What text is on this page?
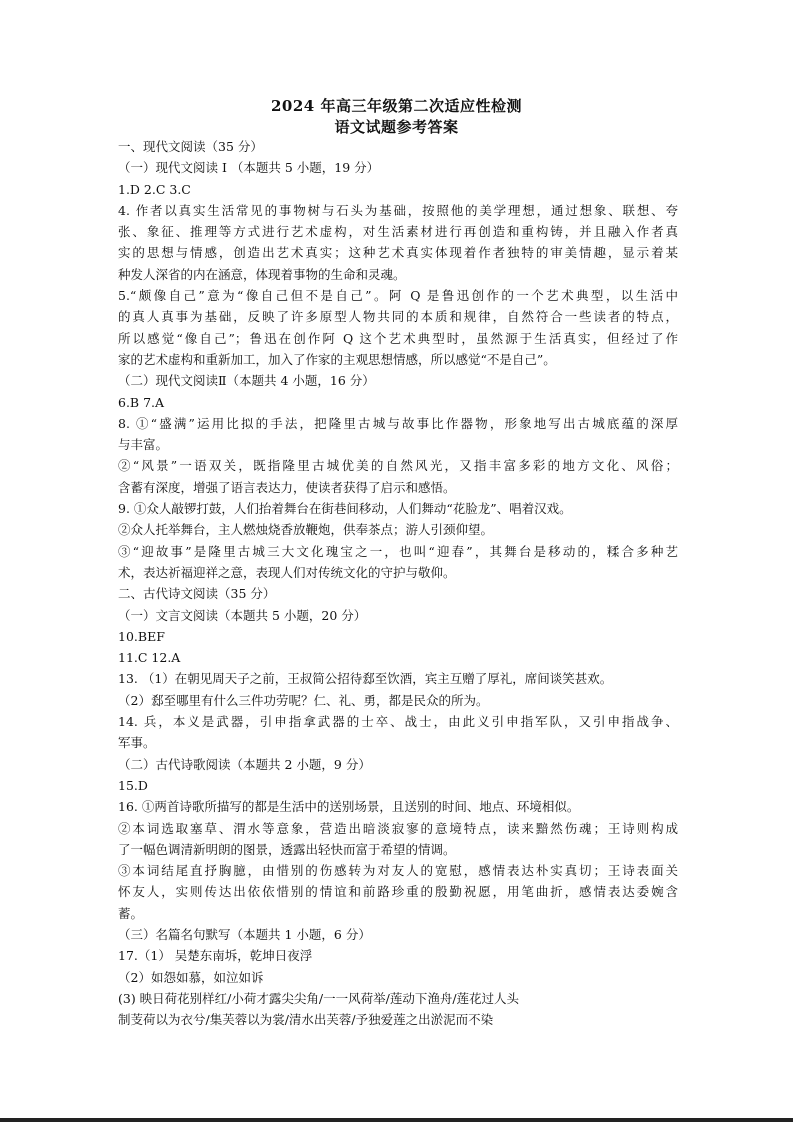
2024 年高三年级第二次适应性检测
语文试题参考答案
一、现代文阅读（35 分）
（一）现代文阅读 I （本题共 5 小题，19 分）
1.D 2.C 3.C
4. 作者以真实生活常见的事物树与石头为基础，按照他的美学理想，通过想象、联想、夸
张、象征、推理等方式进行艺术虚构，对生活素材进行再创造和重构铸，并且融入作者真
实的思想与情感，创造出艺术真实；这种艺术真实体现着作者独特的审美情趣，显示着某
种发人深省的内在涵意，体现着事物的生命和灵魂。
5.“颇像自己”意为“像自己但不是自己”。阿 Q 是鲁迅创作的一个艺术典型，以生活中
的真人真事为基础，反映了许多原型人物共同的本质和规律，自然符合一些读者的特点，
所以感觉“像自己”；鲁迅在创作阿 Q 这个艺术典型时，虽然源于生活真实，但经过了作
家的艺术虚构和重新加工，加入了作家的主观思想情感，所以感觉“不是自己”。
（二）现代文阅读Ⅱ（本题共 4 小题，16 分）
6.B 7.A
8. ①“盛满”运用比拟的手法，把隆里古城与故事比作器物，形象地写出古城底蕴的深厚
与丰富。
②“风景”一语双关，既指隆里古城优美的自然风光，又指丰富多彩的地方文化、风俗；
含蓄有深度，增强了语言表达力，使读者获得了启示和感悟。
9. ①众人敲锣打鼓，人们抬着舞台在街巷间移动，人们舞动“花脸龙”、唱着汉戏。
②众人托举舞台，主人燃烛烧香放鞭炮，供奉茶点；游人引颈仰望。
③“迎故事”是隆里古城三大文化瑰宝之一，也叫“迎春”，其舞台是移动的，糅合多种艺
术，表达祈福迎祥之意，表现人们对传统文化的守护与敬仰。
二、古代诗文阅读（35 分）
（一）文言文阅读（本题共 5 小题，20 分）
10.BEF
11.C 12.A
13. （1）在朝见周天子之前，王叔简公招待郄至饮酒，宾主互赠了厚礼，席间谈笑甚欢。
（2）郄至哪里有什么三件功劳呢？仁、礼、勇，都是民众的所为。
14. 兵，本义是武器，引申指拿武器的士卒、战士，由此义引申指军队，又引申指战争、
军事。
（二）古代诗歌阅读（本题共 2 小题，9 分）
15.D
16. ①两首诗歌所描写的都是生活中的送别场景，且送别的时间、地点、环境相似。
②本词选取塞草、渭水等意象，营造出暗淡寂寥的意境特点，读来黯然伤魂；王诗则构成
了一幅色调清新明朗的图景，透露出轻快而富于希望的情调。
③本词结尾直抒胸臆，由惜别的伤感转为对友人的宽慰，感情表达朴实真切；王诗表面关
怀友人，实则传达出依依惜别的情谊和前路珍重的殷勤祝愿，用笔曲折，感情表达委婉含
蓄。
（三）名篇名句默写（本题共 1 小题，6 分）
17.（1） 吴楚东南坼，乾坤日夜浮
（2）如怨如慕，如泣如诉
(3) 映日荷花别样红/小荷才露尖尖角/一一风荷举/莲动下渔舟/莲花过人头
制芰荷以为衣兮/集芙蓉以为裳/清水出芙蓉/予独爱莲之出淤泥而不染
